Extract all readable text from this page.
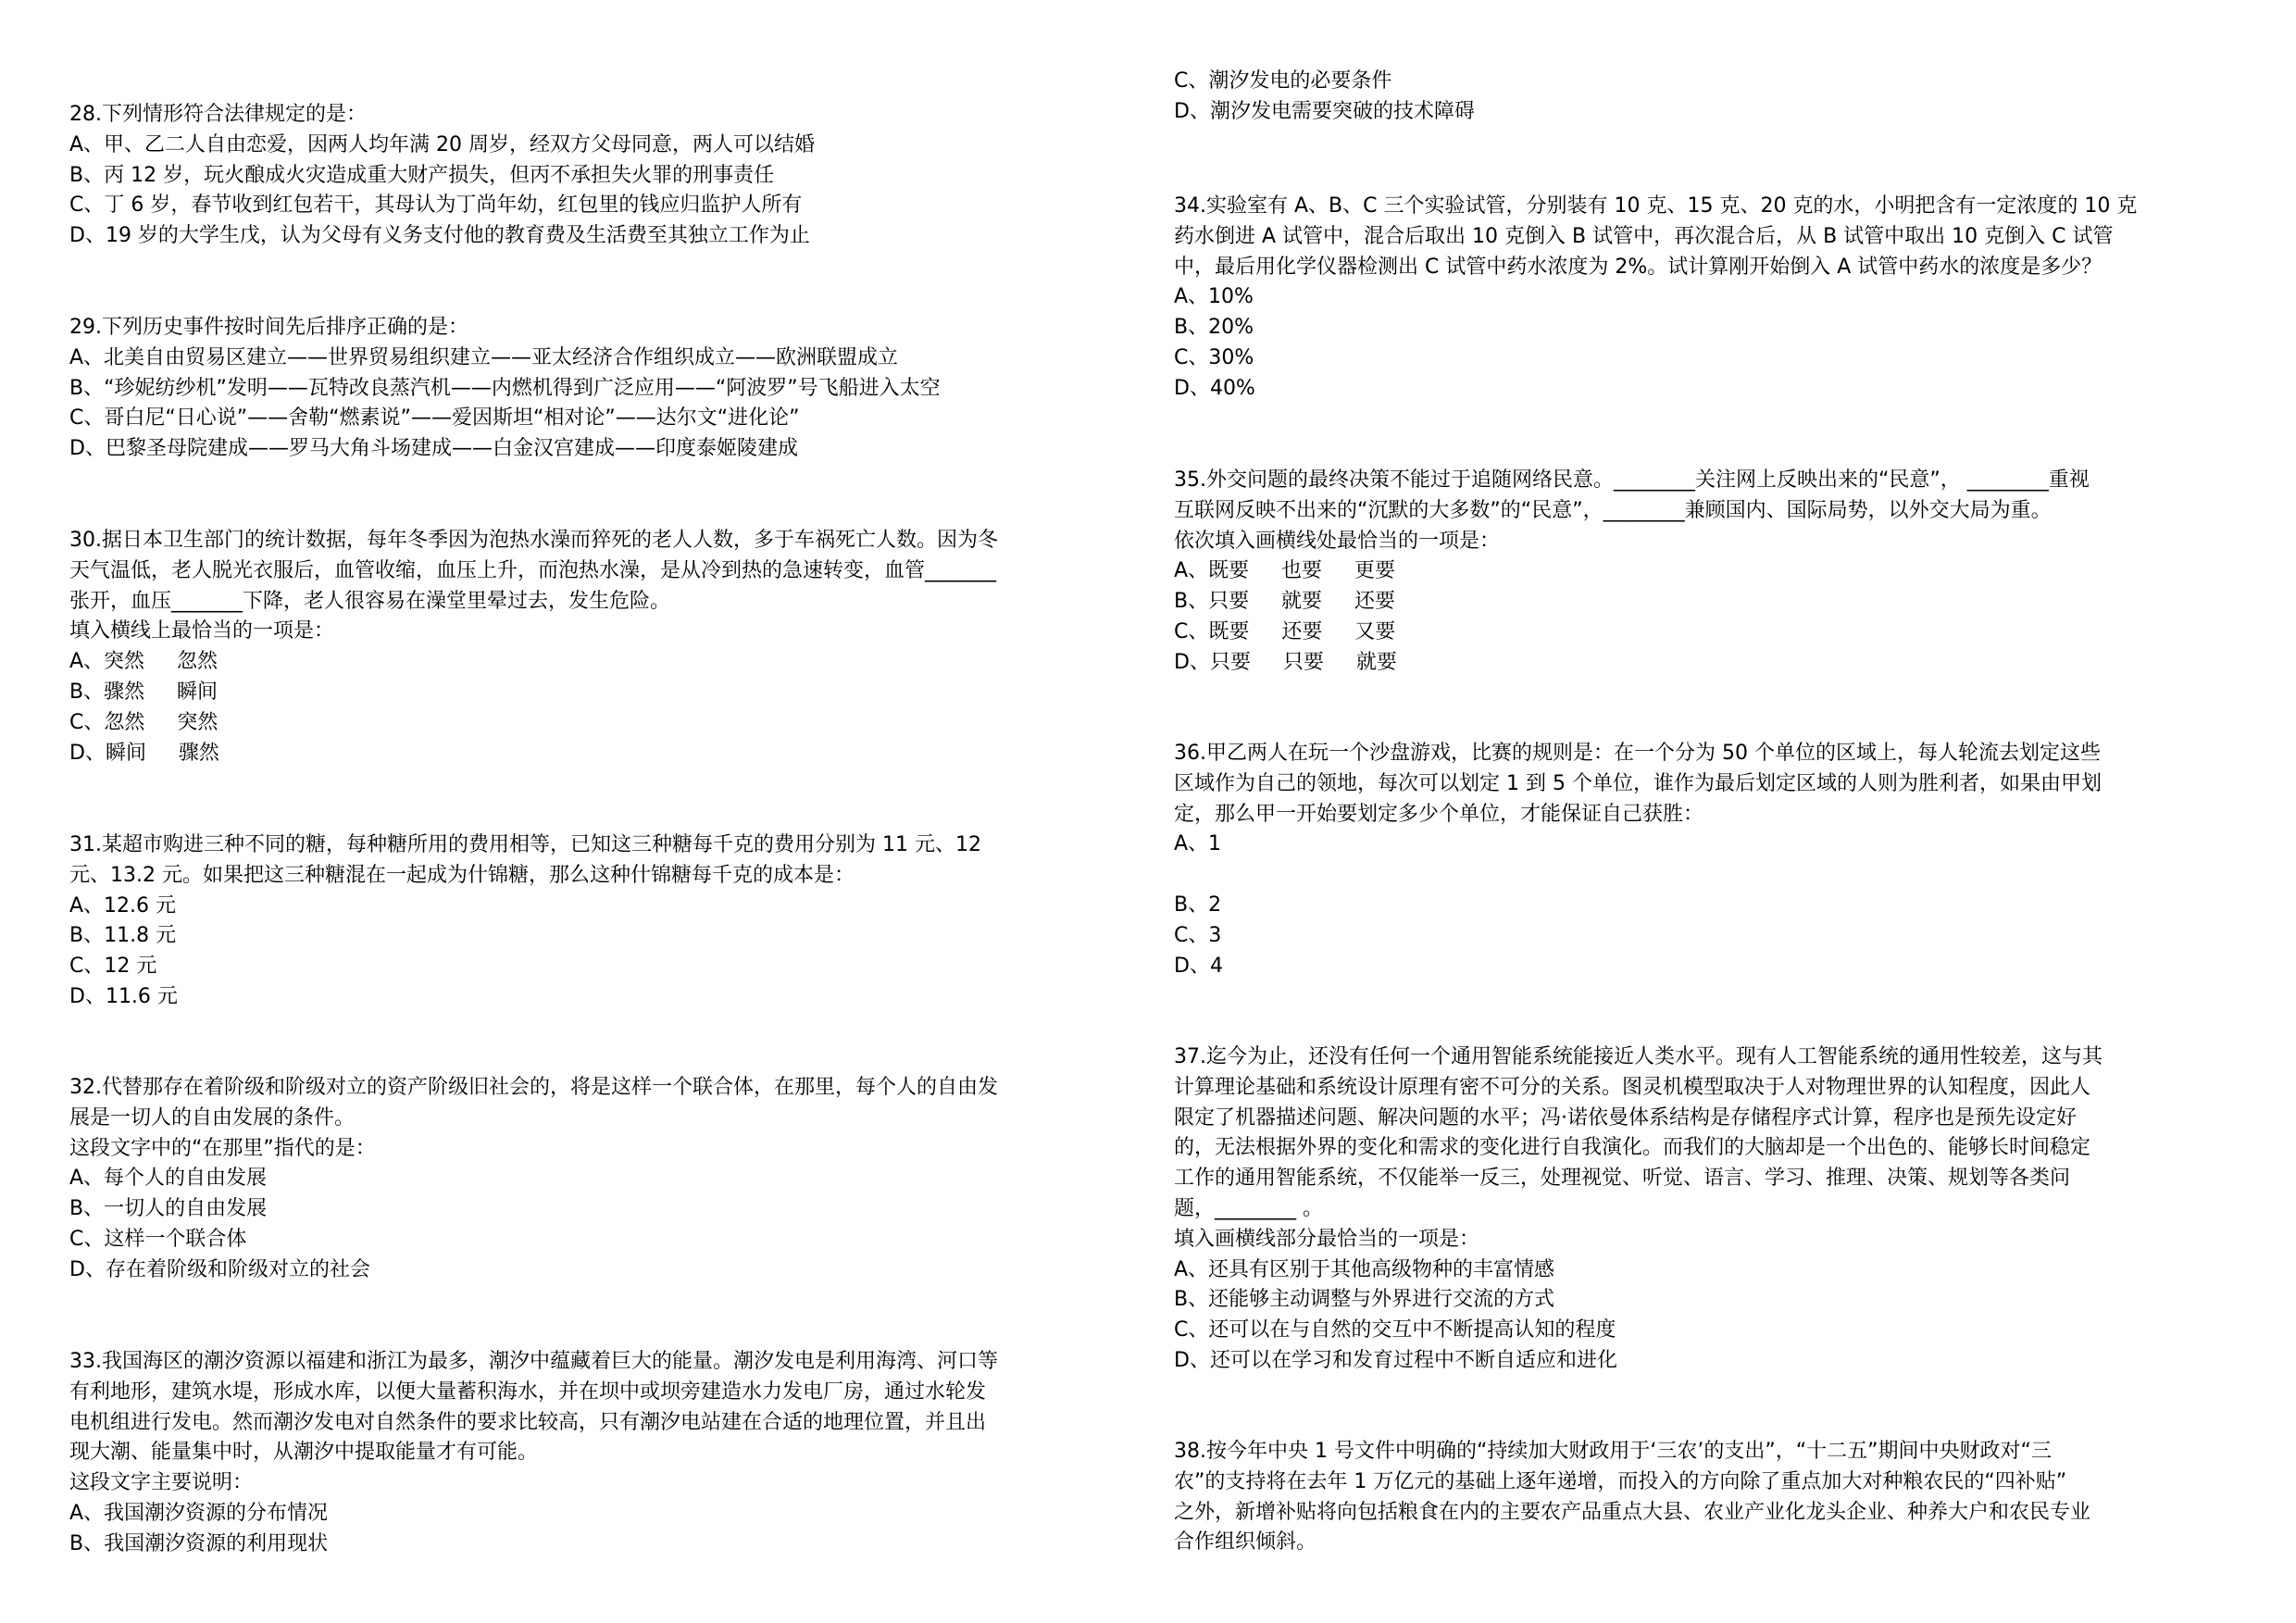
28.下列情形符合法律规定的是：
A、甲、乙二人自由恋爱，因两人均年满 20 周岁，经双方父母同意，两人可以结婚
B、丙 12 岁，玩火酿成火灾造成重大财产损失，但丙不承担失火罪的刑事责任
C、丁 6 岁，春节收到红包若干，其母认为丁尚年幼，红包里的钱应归监护人所有
D、19 岁的大学生戊，认为父母有义务支付他的教育费及生活费至其独立工作为止
29.下列历史事件按时间先后排序正确的是：
A、北美自由贸易区建立——世界贸易组织建立——亚太经济合作组织成立——欧洲联盟成立
B、“珍妮纺纱机”发明——瓦特改良蒸汽机——内燃机得到广泛应用——“阿波罗”号飞船进入太空
C、哥白尼“日心说”——舍勒“燃素说”——爱因斯坦“相对论”——达尔文“进化论”
D、巴黎圣母院建成——罗马大角斗场建成——白金汉宫建成——印度泰姬陵建成
30.据日本卫生部门的统计数据，每年冬季因为泡热水澡而猝死的老人人数，多于车祸死亡人数。因为冬
天气温低，老人脱光衣服后，血管收缩，血压上升，而泡热水澡，是从冷到热的急速转变，血管_______
张开，血压_______下降，老人很容易在澡堂里晕过去，发生危险。
填入横线上最恰当的一项是：
A、突然     忽然
B、骤然     瞬间
C、忽然     突然
D、瞬间     骤然
31.某超市购进三种不同的糖，每种糖所用的费用相等，已知这三种糖每千克的费用分别为 11 元、12
元、13.2 元。如果把这三种糖混在一起成为什锦糖，那么这种什锦糖每千克的成本是：
A、12.6 元
B、11.8 元
C、12 元
D、11.6 元
32.代替那存在着阶级和阶级对立的资产阶级旧社会的，将是这样一个联合体，在那里，每个人的自由发
展是一切人的自由发展的条件。
这段文字中的“在那里”指代的是：
A、每个人的自由发展
B、一切人的自由发展
C、这样一个联合体
D、存在着阶级和阶级对立的社会
33.我国海区的潮汐资源以福建和浙江为最多，潮汐中蕴藏着巨大的能量。潮汐发电是利用海湾、河口等
有利地形，建筑水堤，形成水库，以便大量蓄积海水，并在坝中或坝旁建造水力发电厂房，通过水轮发
电机组进行发电。然而潮汐发电对自然条件的要求比较高，只有潮汐电站建在合适的地理位置，并且出
现大潮、能量集中时，从潮汐中提取能量才有可能。
这段文字主要说明：
A、我国潮汐资源的分布情况
B、我国潮汐资源的利用现状
C、潮汐发电的必要条件
D、潮汐发电需要突破的技术障碍
34.实验室有 A、B、C 三个实验试管，分别装有 10 克、15 克、20 克的水，小明把含有一定浓度的 10 克
药水倒进 A 试管中，混合后取出 10 克倒入 B 试管中，再次混合后，从 B 试管中取出 10 克倒入 C 试管
中，最后用化学仪器检测出 C 试管中药水浓度为 2%。试计算刚开始倒入 A 试管中药水的浓度是多少？
A、10%
B、20%
C、30%
D、40%
35.外交问题的最终决策不能过于追随网络民意。________关注网上反映出来的“民意”， ________重视
互联网反映不出来的“沉默的大多数”的“民意”，________兼顾国内、国际局势，以外交大局为重。
依次填入画横线处最恰当的一项是：
A、既要     也要     更要
B、只要     就要     还要
C、既要     还要     又要
D、只要     只要     就要
36.甲乙两人在玩一个沙盘游戏，比赛的规则是：在一个分为 50 个单位的区域上，每人轮流去划定这些
区域作为自己的领地，每次可以划定 1 到 5 个单位，谁作为最后划定区域的人则为胜利者，如果由甲划
定，那么甲一开始要划定多少个单位，才能保证自己获胜：
A、1
B、2
C、3
D、4
37.迄今为止，还没有任何一个通用智能系统能接近人类水平。现有人工智能系统的通用性较差，这与其
计算理论基础和系统设计原理有密不可分的关系。图灵机模型取决于人对物理世界的认知程度，因此人
限定了机器描述问题、解决问题的水平；冯·诺依曼体系结构是存储程序式计算，程序也是预先设定好
的，无法根据外界的变化和需求的变化进行自我演化。而我们的大脑却是一个出色的、能够长时间稳定
工作的通用智能系统，不仅能举一反三，处理视觉、听觉、语言、学习、推理、决策、规划等各类问
题，________ 。
填入画横线部分最恰当的一项是：
A、还具有区别于其他高级物种的丰富情感
B、还能够主动调整与外界进行交流的方式
C、还可以在与自然的交互中不断提高认知的程度
D、还可以在学习和发育过程中不断自适应和进化
38.按今年中央 1 号文件中明确的“持续加大财政用于‘三农’的支出”，“十二五”期间中央财政对“三
农”的支持将在去年 1 万亿元的基础上逐年递增，而投入的方向除了重点加大对种粮农民的“四补贴”
之外，新增补贴将向包括粮食在内的主要农产品重点大县、农业产业化龙头企业、种养大户和农民专业
合作组织倾斜。
